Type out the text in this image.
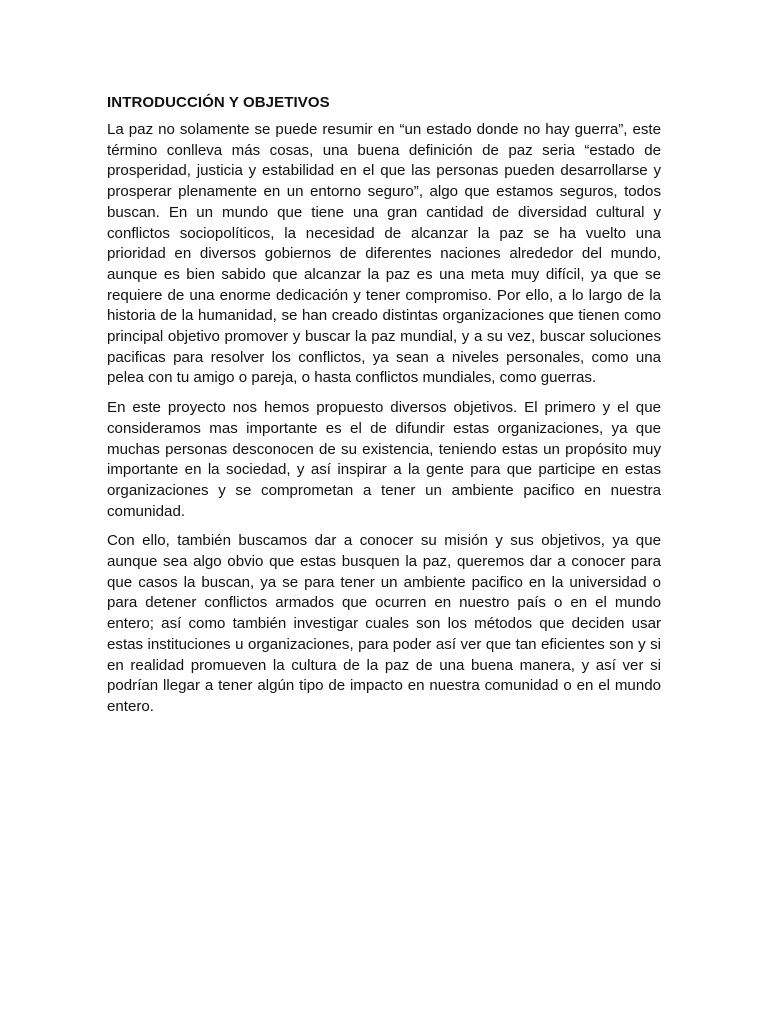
INTRODUCCIÓN Y OBJETIVOS

La paz no solamente se puede resumir en “un estado donde no hay guerra”, este término conlleva más cosas, una buena definición de paz seria “estado de prosperidad, justicia y estabilidad en el que las personas pueden desarrollarse y prosperar plenamente en un entorno seguro”, algo que estamos seguros, todos buscan. En un mundo que tiene una gran cantidad de diversidad cultural y conflictos sociopolíticos, la necesidad de alcanzar la paz se ha vuelto una prioridad en diversos gobiernos de diferentes naciones alrededor del mundo, aunque es bien sabido que alcanzar la paz es una meta muy difícil, ya que se requiere de una enorme dedicación y tener compromiso. Por ello, a lo largo de la historia de la humanidad, se han creado distintas organizaciones que tienen como principal objetivo promover y buscar la paz mundial, y a su vez, buscar soluciones pacificas para resolver los conflictos, ya sean a niveles personales, como una pelea con tu amigo o pareja, o hasta conflictos mundiales, como guerras.

En este proyecto nos hemos propuesto diversos objetivos. El primero y el que consideramos mas importante es el de difundir estas organizaciones, ya que muchas personas desconocen de su existencia, teniendo estas un propósito muy importante en la sociedad, y así inspirar a la gente para que participe en estas organizaciones y se comprometan a tener un ambiente pacifico en nuestra comunidad.

Con ello, también buscamos dar a conocer su misión y sus objetivos, ya que aunque sea algo obvio que estas busquen la paz, queremos dar a conocer para que casos la buscan, ya se para tener un ambiente pacifico en la universidad o para detener conflictos armados que ocurren en nuestro país o en el mundo entero; así como también investigar cuales son los métodos que deciden usar estas instituciones u organizaciones, para poder así ver que tan eficientes son y si en realidad promueven la cultura de la paz de una buena manera, y así ver si podrían llegar a tener algún tipo de impacto en nuestra comunidad o en el mundo entero.
